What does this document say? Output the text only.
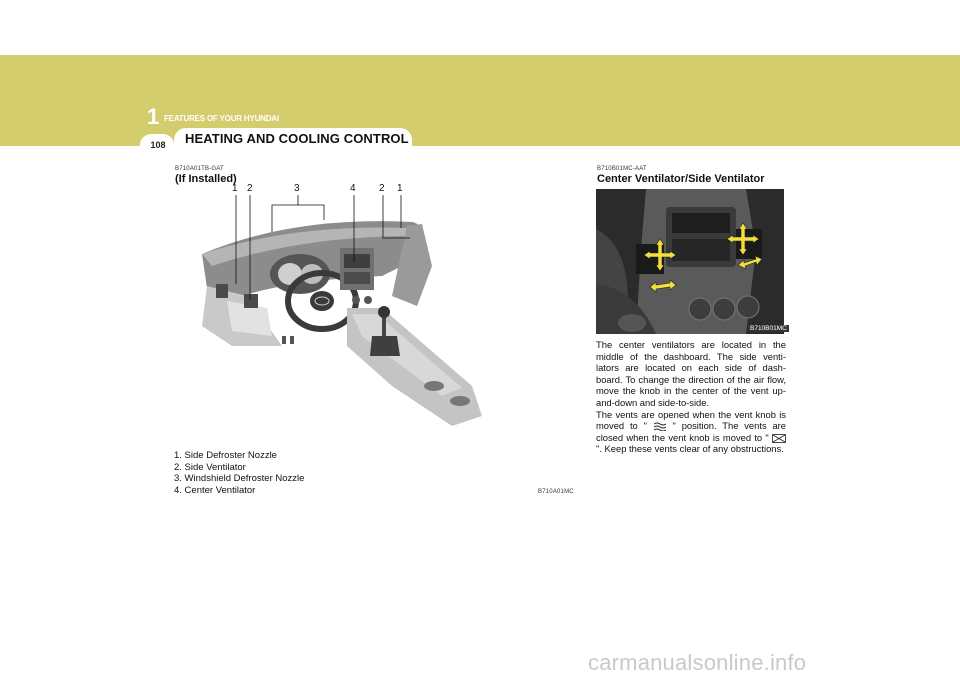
1 FEATURES OF YOUR HYUNDAI
108	HEATING AND COOLING CONTROL
B710A01TB-GAT
(If Installed)
1 2	3	4 2 1
1. Side Defroster Nozzle
2. Side Ventilator
3. Windshield Defroster Nozzle
4. Center Ventilator	B710A01MC
B710B01MC-AAT
Center Ventilator/Side Ventilator
B710B01MC

The center ventilators are located in the middle of the dashboard. The side venti-lators are located on each side of dash-board. To change the direction of the air flow, move the knob in the center of the vent up-and-down and side-to-side.

The vents are opened when the vent knob is moved to "  " position. The vents are closed when the vent knob is moved to "  ". Keep these vents clear of any obstructions.

carmanualsonline.info
